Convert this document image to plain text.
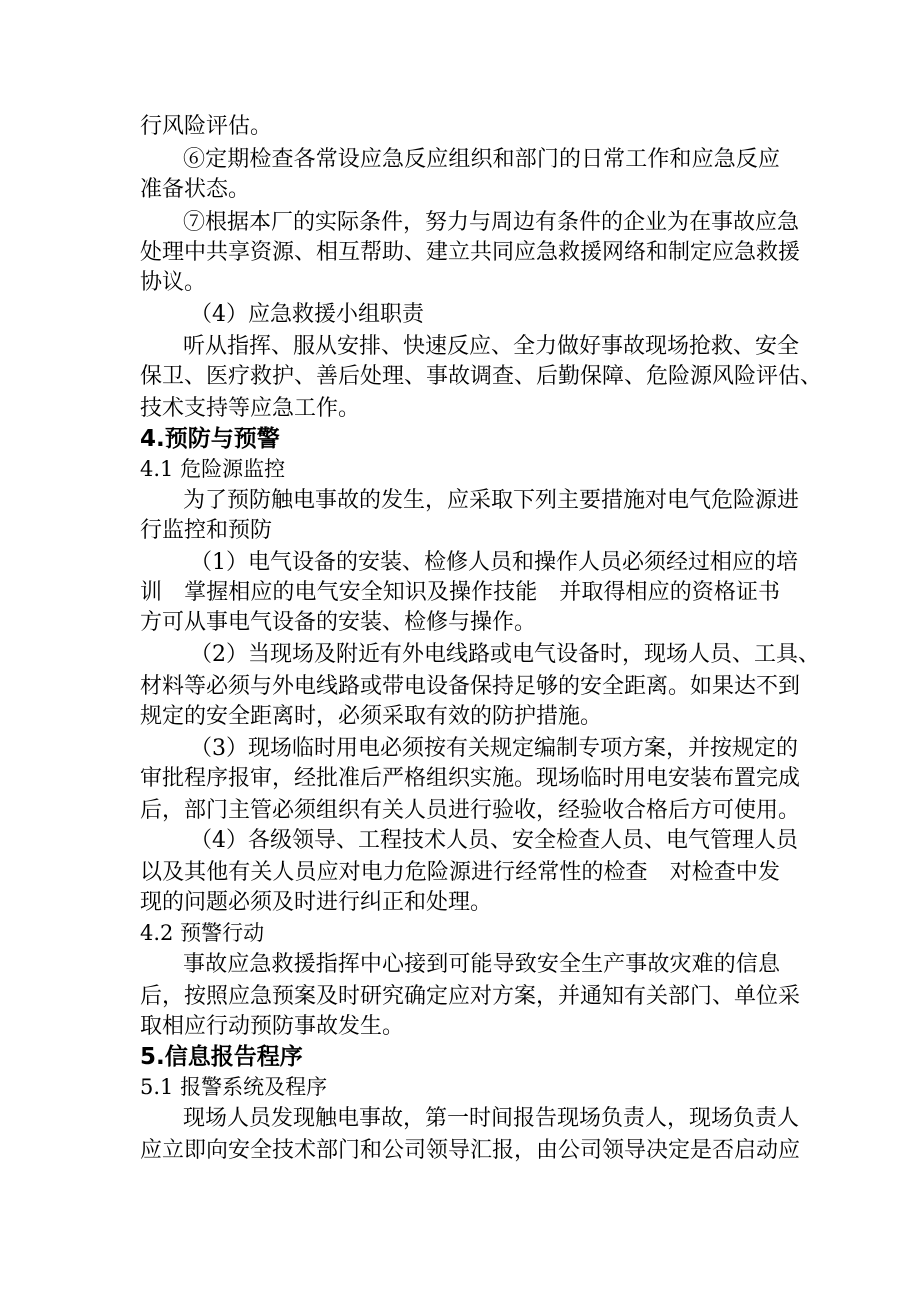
行风险评估。
⑥定期检查各常设应急反应组织和部门的日常工作和应急反应
准备状态。
⑦根据本厂的实际条件，努力与周边有条件的企业为在事故应急
处理中共享资源、相互帮助、建立共同应急救援网络和制定应急救援
协议。
（4）应急救援小组职责
听从指挥、服从安排、快速反应、全力做好事故现场抢救、安全
保卫、医疗救护、善后处理、事故调查、后勤保障、危险源风险评估、
技术支持等应急工作。
4.预防与预警
4.1 危险源监控
为了预防触电事故的发生，应采取下列主要措施对电气危险源进
行监控和预防
（1）电气设备的安装、检修人员和操作人员必须经过相应的培
训　掌握相应的电气安全知识及操作技能　并取得相应的资格证书
方可从事电气设备的安装、检修与操作。
（2）当现场及附近有外电线路或电气设备时，现场人员、工具、
材料等必须与外电线路或带电设备保持足够的安全距离。如果达不到
规定的安全距离时，必须采取有效的防护措施。
（3）现场临时用电必须按有关规定编制专项方案，并按规定的
审批程序报审，经批准后严格组织实施。现场临时用电安装布置完成
后，部门主管必须组织有关人员进行验收，经验收合格后方可使用。
（4）各级领导、工程技术人员、安全检查人员、电气管理人员
以及其他有关人员应对电力危险源进行经常性的检查　对检查中发
现的问题必须及时进行纠正和处理。
4.2 预警行动
事故应急救援指挥中心接到可能导致安全生产事故灾难的信息
后，按照应急预案及时研究确定应对方案，并通知有关部门、单位采
取相应行动预防事故发生。
5.信息报告程序
5.1 报警系统及程序
现场人员发现触电事故，第一时间报告现场负责人，现场负责人
应立即向安全技术部门和公司领导汇报，由公司领导决定是否启动应
